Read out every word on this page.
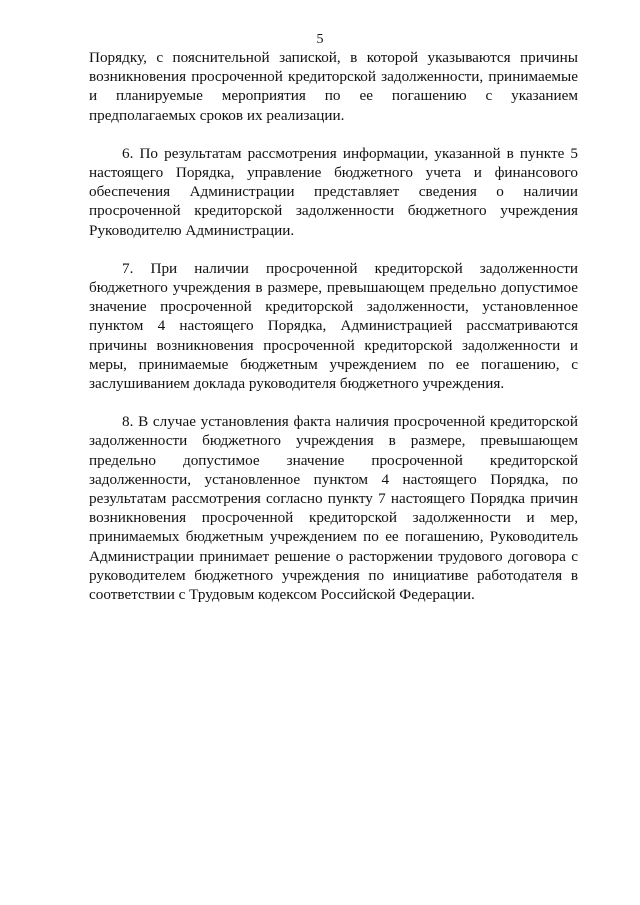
5

Порядку, с пояснительной запиской, в которой указываются причины возникновения просроченной кредиторской задолженности, принимаемые и планируемые мероприятия по ее погашению с указанием предполагаемых сроков их реализации.

6. По результатам рассмотрения информации, указанной в пункте 5 настоящего Порядка, управление бюджетного учета и финансового обеспечения Администрации представляет сведения о наличии просроченной кредиторской задолженности бюджетного учреждения Руководителю Администрации.

7. При наличии просроченной кредиторской задолженности бюджетного учреждения в размере, превышающем предельно допустимое значение просроченной кредиторской задолженности, установленное пунктом 4 настоящего Порядка, Администрацией рассматриваются причины возникновения просроченной кредиторской задолженности и меры, принимаемые бюджетным учреждением по ее погашению, с заслушиванием доклада руководителя бюджетного учреждения.

8. В случае установления факта наличия просроченной кредиторской задолженности бюджетного учреждения в размере, превышающем предельно допустимое значение просроченной кредиторской задолженности, установленное пунктом 4 настоящего Порядка, по результатам рассмотрения согласно пункту 7 настоящего Порядка причин возникновения просроченной кредиторской задолженности и мер, принимаемых бюджетным учреждением по ее погашению, Руководитель Администрации принимает решение о расторжении трудового договора с руководителем бюджетного учреждения по инициативе работодателя в соответствии с Трудовым кодексом Российской Федерации.
